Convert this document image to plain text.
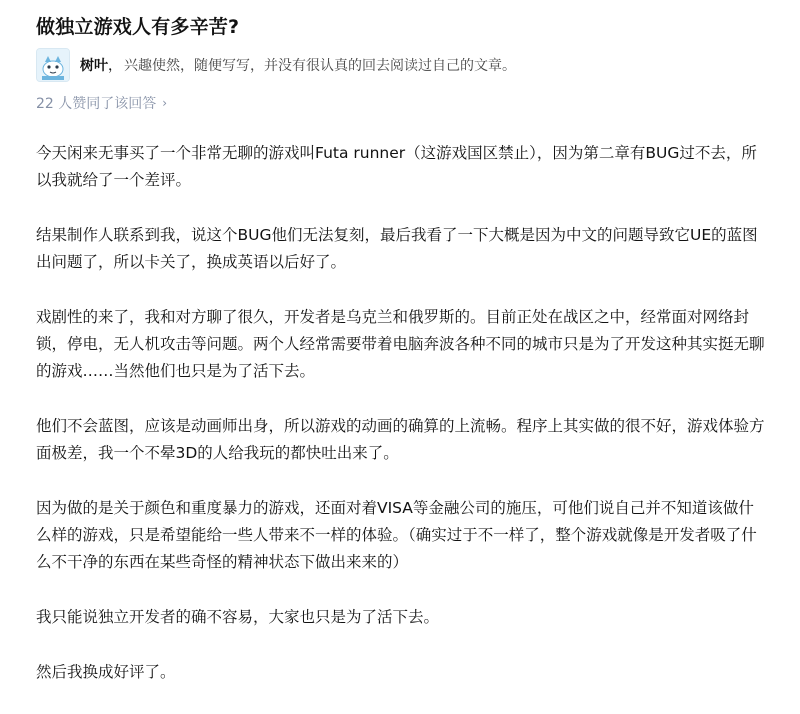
做独立游戏人有多辛苦?
树叶 ， 兴趣使然，随便写写，并没有很认真的回去阅读过自己的文章。
22 人赞同了该回答 ›

今天闲来无事买了一个非常无聊的游戏叫Futa runner（这游戏国区禁止），因为第二章有BUG过不去，所以我就给了一个差评。

结果制作人联系到我，说这个BUG他们无法复刻，最后我看了一下大概是因为中文的问题导致它UE的蓝图出问题了，所以卡关了，换成英语以后好了。

戏剧性的来了，我和对方聊了很久，开发者是乌克兰和俄罗斯的。目前正处在战区之中，经常面对网络封锁，停电，无人机攻击等问题。两个人经常需要带着电脑奔波各种不同的城市只是为了开发这种其实挺无聊的游戏……当然他们也只是为了活下去。

他们不会蓝图，应该是动画师出身，所以游戏的动画的确算的上流畅。程序上其实做的很不好，游戏体验方面极差，我一个不晕3D的人给我玩的都快吐出来了。

因为做的是关于颜色和重度暴力的游戏，还面对着VISA等金融公司的施压，可他们说自己并不知道该做什么样的游戏，只是希望能给一些人带来不一样的体验。（确实过于不一样了，整个游戏就像是开发者吸了什么不干净的东西在某些奇怪的精神状态下做出来来的）

我只能说独立开发者的确不容易，大家也只是为了活下去。

然后我换成好评了。
